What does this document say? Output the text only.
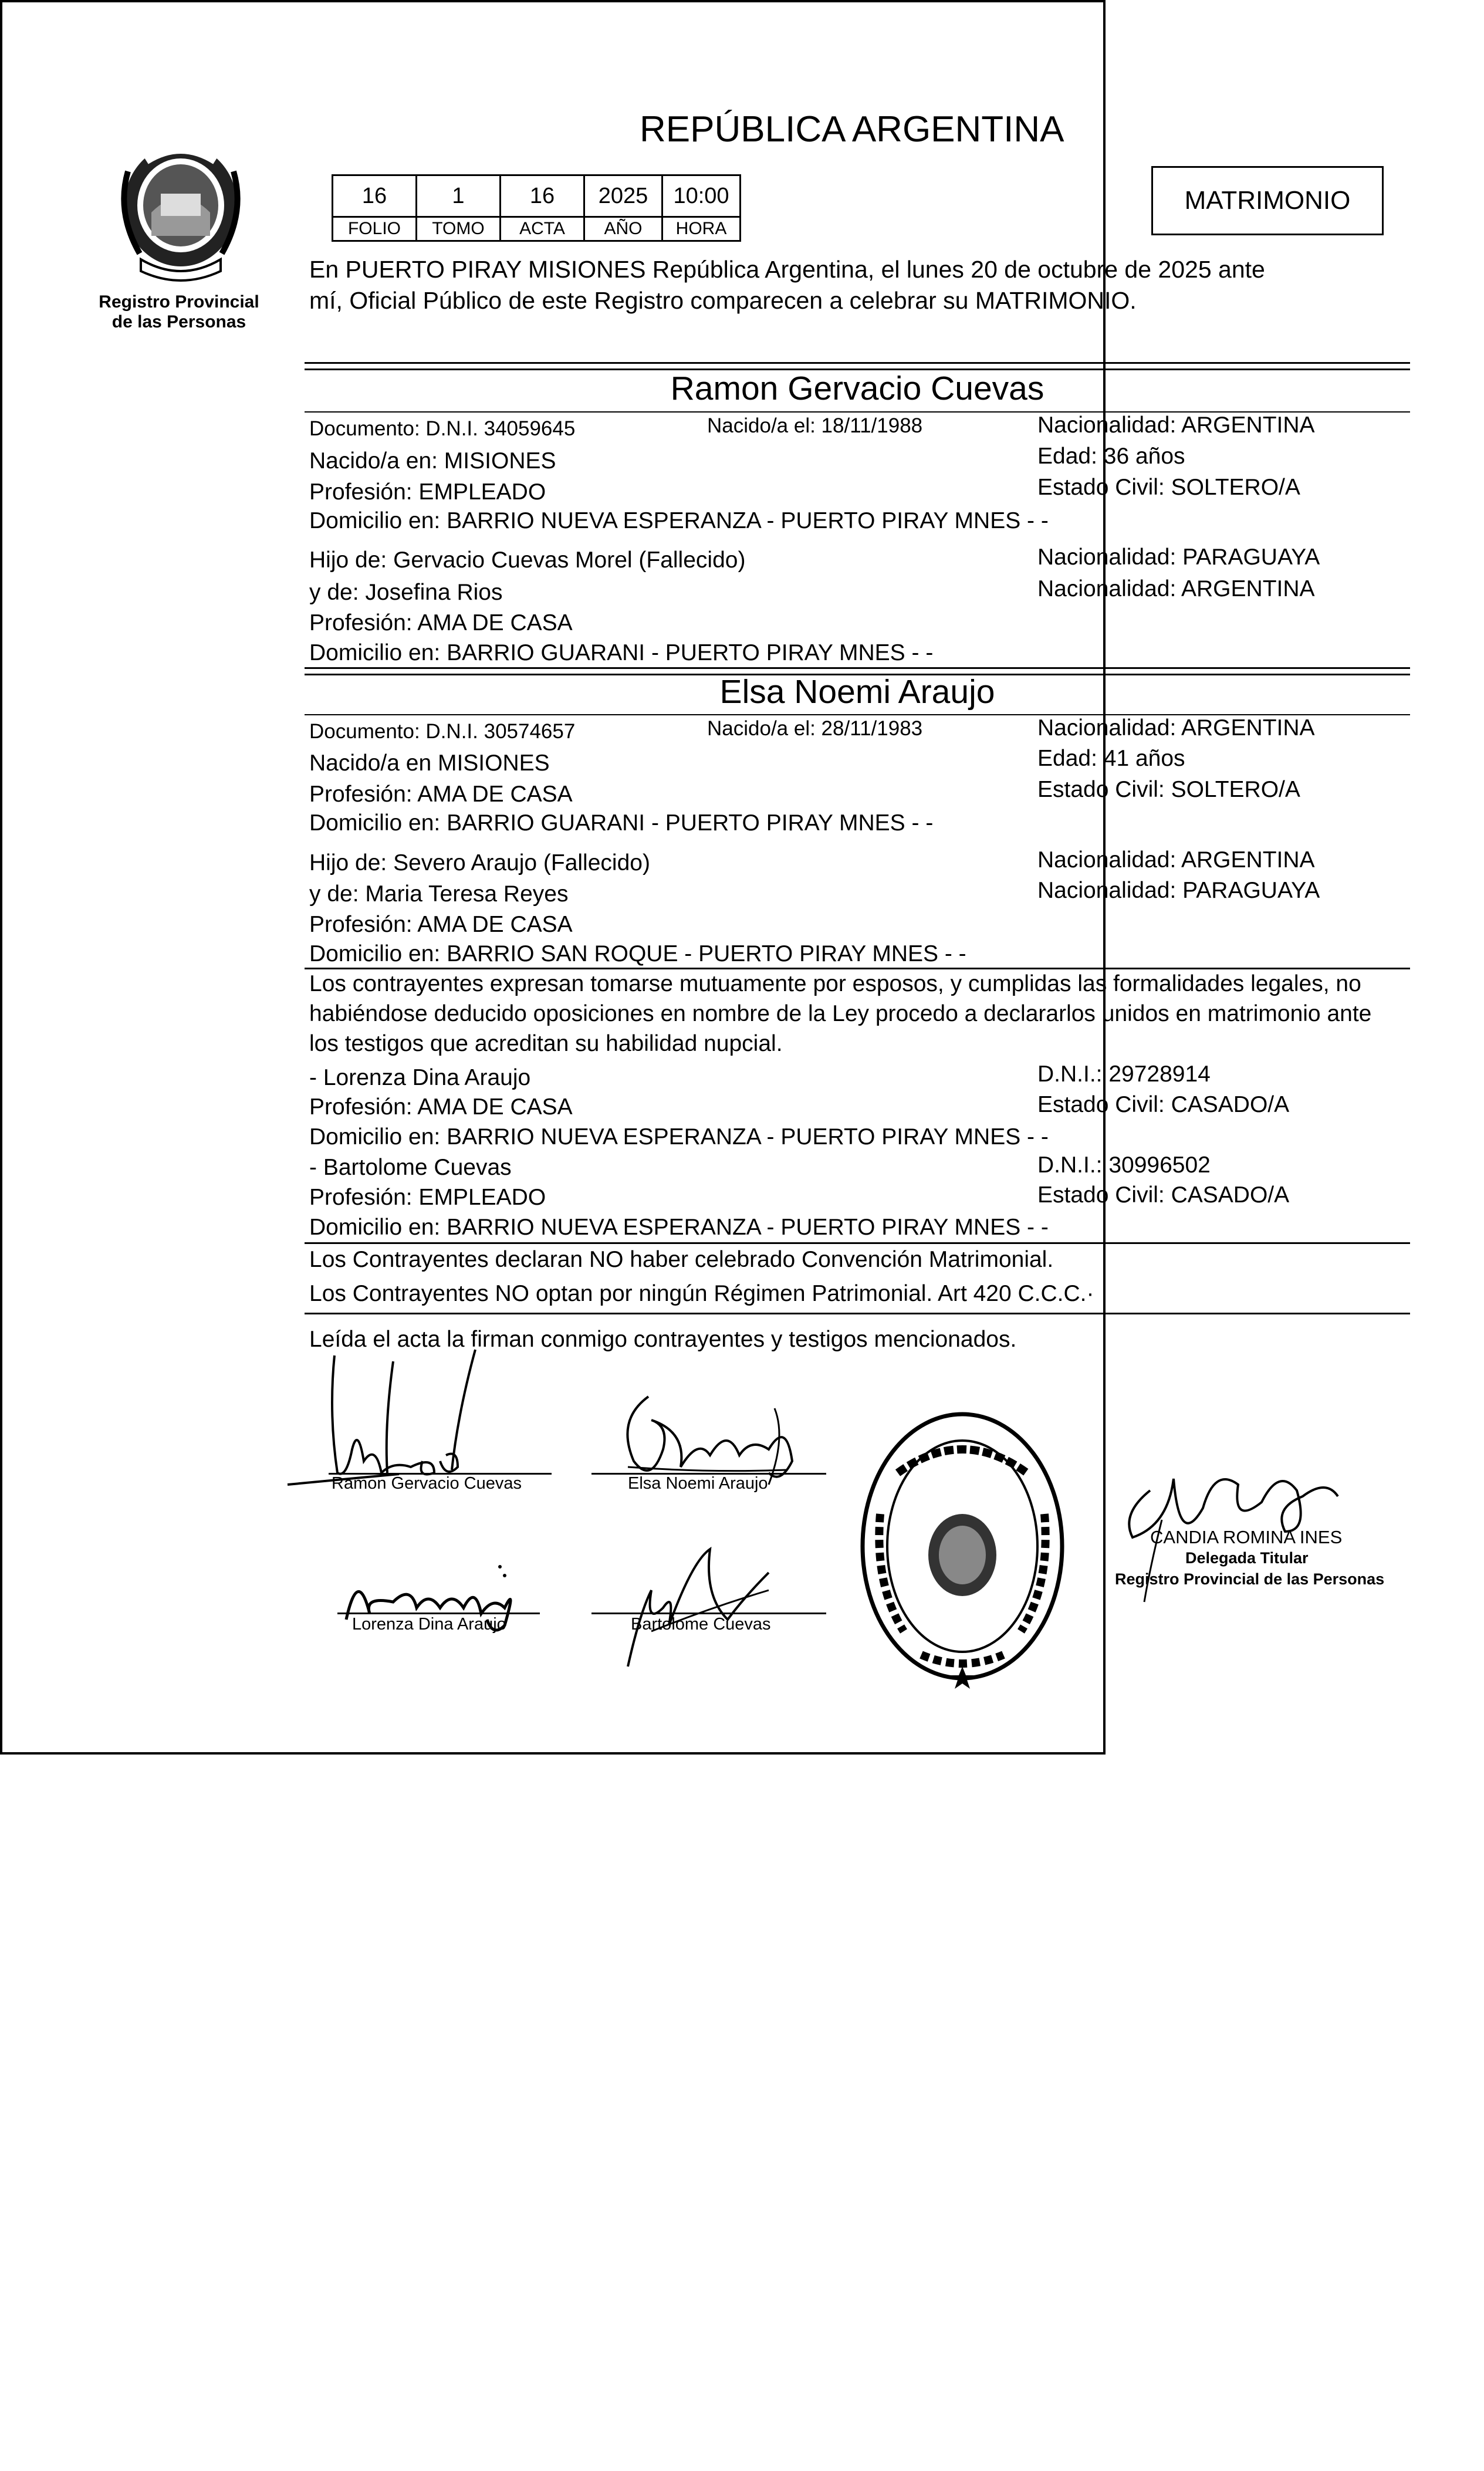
Registro Provincial
de las Personas
REPÚBLICA ARGENTINA
16	1	16	2025	10:00
FOLIO	TOMO	ACTA	AÑO	HORA
MATRIMONIO
En PUERTO PIRAY MISIONES República Argentina, el lunes 20 de octubre de 2025 ante
mí, Oficial Público de este Registro comparecen a celebrar su MATRIMONIO.
Ramon Gervacio Cuevas
Documento: D.N.I. 34059645	Nacido/a el: 18/11/1988	Nacionalidad: ARGENTINA
Nacido/a en: MISIONES	Edad: 36 años
Profesión: EMPLEADO	Estado Civil: SOLTERO/A
Domicilio en: BARRIO NUEVA ESPERANZA - PUERTO PIRAY MNES - -
Hijo de: Gervacio Cuevas Morel (Fallecido)	Nacionalidad: PARAGUAYA
y de: Josefina Rios	Nacionalidad: ARGENTINA
Profesión: AMA DE CASA
Domicilio en: BARRIO GUARANI - PUERTO PIRAY MNES - -
Elsa Noemi Araujo
Documento: D.N.I. 30574657	Nacido/a el: 28/11/1983	Nacionalidad: ARGENTINA
Nacido/a en MISIONES	Edad: 41 años
Profesión: AMA DE CASA	Estado Civil: SOLTERO/A
Domicilio en: BARRIO GUARANI - PUERTO PIRAY MNES - -
Hijo de: Severo Araujo (Fallecido)	Nacionalidad: ARGENTINA
y de: Maria Teresa Reyes	Nacionalidad: PARAGUAYA
Profesión: AMA DE CASA
Domicilio en: BARRIO SAN ROQUE - PUERTO PIRAY MNES - -
Los contrayentes expresan tomarse mutuamente por esposos, y cumplidas las formalidades legales, no
habiéndose deducido oposiciones en nombre de la Ley procedo a declararlos unidos en matrimonio ante
los testigos que acreditan su habilidad nupcial.
- Lorenza Dina Araujo	D.N.I.: 29728914
Profesión: AMA DE CASA	Estado Civil: CASADO/A
Domicilio en: BARRIO NUEVA ESPERANZA - PUERTO PIRAY MNES - -
- Bartolome Cuevas	D.N.I.: 30996502
Profesión: EMPLEADO	Estado Civil: CASADO/A
Domicilio en: BARRIO NUEVA ESPERANZA - PUERTO PIRAY MNES - -
Los Contrayentes declaran NO haber celebrado Convención Matrimonial.
Los Contrayentes NO optan por ningún Régimen Patrimonial. Art 420 C.C.C.·
Leída el acta la firman conmigo contrayentes y testigos mencionados.
Ramon Gervacio Cuevas	Elsa Noemi Araujo
Lorenza Dina Araujo	Bartolome Cuevas
CANDIA ROMINA INES
Delegada Titular
Registro Provincial de las Personas
